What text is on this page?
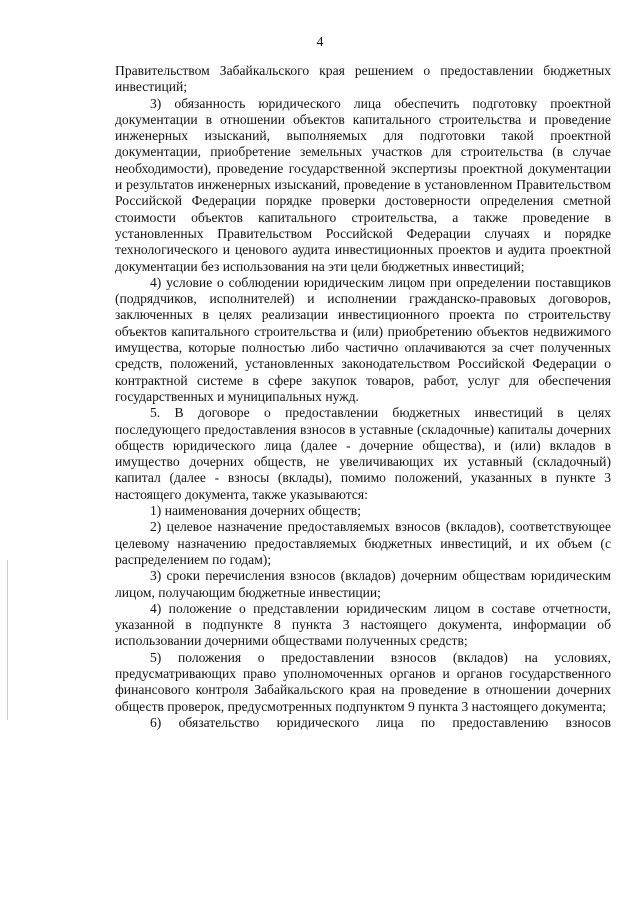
4

Правительством Забайкальского края решением о предоставлении бюджетных инвестиций;

3) обязанность юридического лица обеспечить подготовку проектной документации в отношении объектов капитального строительства и проведение инженерных изысканий, выполняемых для подготовки такой проектной документации, приобретение земельных участков для строительства (в случае необходимости), проведение государственной экспертизы проектной документации и результатов инженерных изысканий, проведение в установленном Правительством Российской Федерации порядке проверки достоверности определения сметной стоимости объектов капитального строительства, а также проведение в установленных Правительством Российской Федерации случаях и порядке технологического и ценового аудита инвестиционных проектов и аудита проектной документации без использования на эти цели бюджетных инвестиций;

4) условие о соблюдении юридическим лицом при определении поставщиков (подрядчиков, исполнителей) и исполнении гражданско-правовых договоров, заключенных в целях реализации инвестиционного проекта по строительству объектов капитального строительства и (или) приобретению объектов недвижимого имущества, которые полностью либо частично оплачиваются за счет полученных средств, положений, установленных законодательством Российской Федерации о контрактной системе в сфере закупок товаров, работ, услуг для обеспечения государственных и муниципальных нужд.

5. В договоре о предоставлении бюджетных инвестиций в целях последующего предоставления взносов в уставные (складочные) капиталы дочерних обществ юридического лица (далее - дочерние общества), и (или) вкладов в имущество дочерних обществ, не увеличивающих их уставный (складочный) капитал (далее - взносы (вклады), помимо положений, указанных в пункте 3 настоящего документа, также указываются:

1) наименования дочерних обществ;

2) целевое назначение предоставляемых взносов (вкладов), соответствующее целевому назначению предоставляемых бюджетных инвестиций, и их объем (с распределением по годам);

3) сроки перечисления взносов (вкладов) дочерним обществам юридическим лицом, получающим бюджетные инвестиции;

4) положение о представлении юридическим лицом в составе отчетности, указанной в подпункте 8 пункта 3 настоящего документа, информации об использовании дочерними обществами полученных средств;

5) положения о предоставлении взносов (вкладов) на условиях, предусматривающих право уполномоченных органов и органов государственного финансового контроля Забайкальского края на проведение в отношении дочерних обществ проверок, предусмотренных подпунктом 9 пункта 3 настоящего документа;

6) обязательство юридического лица по предоставлению взносов
